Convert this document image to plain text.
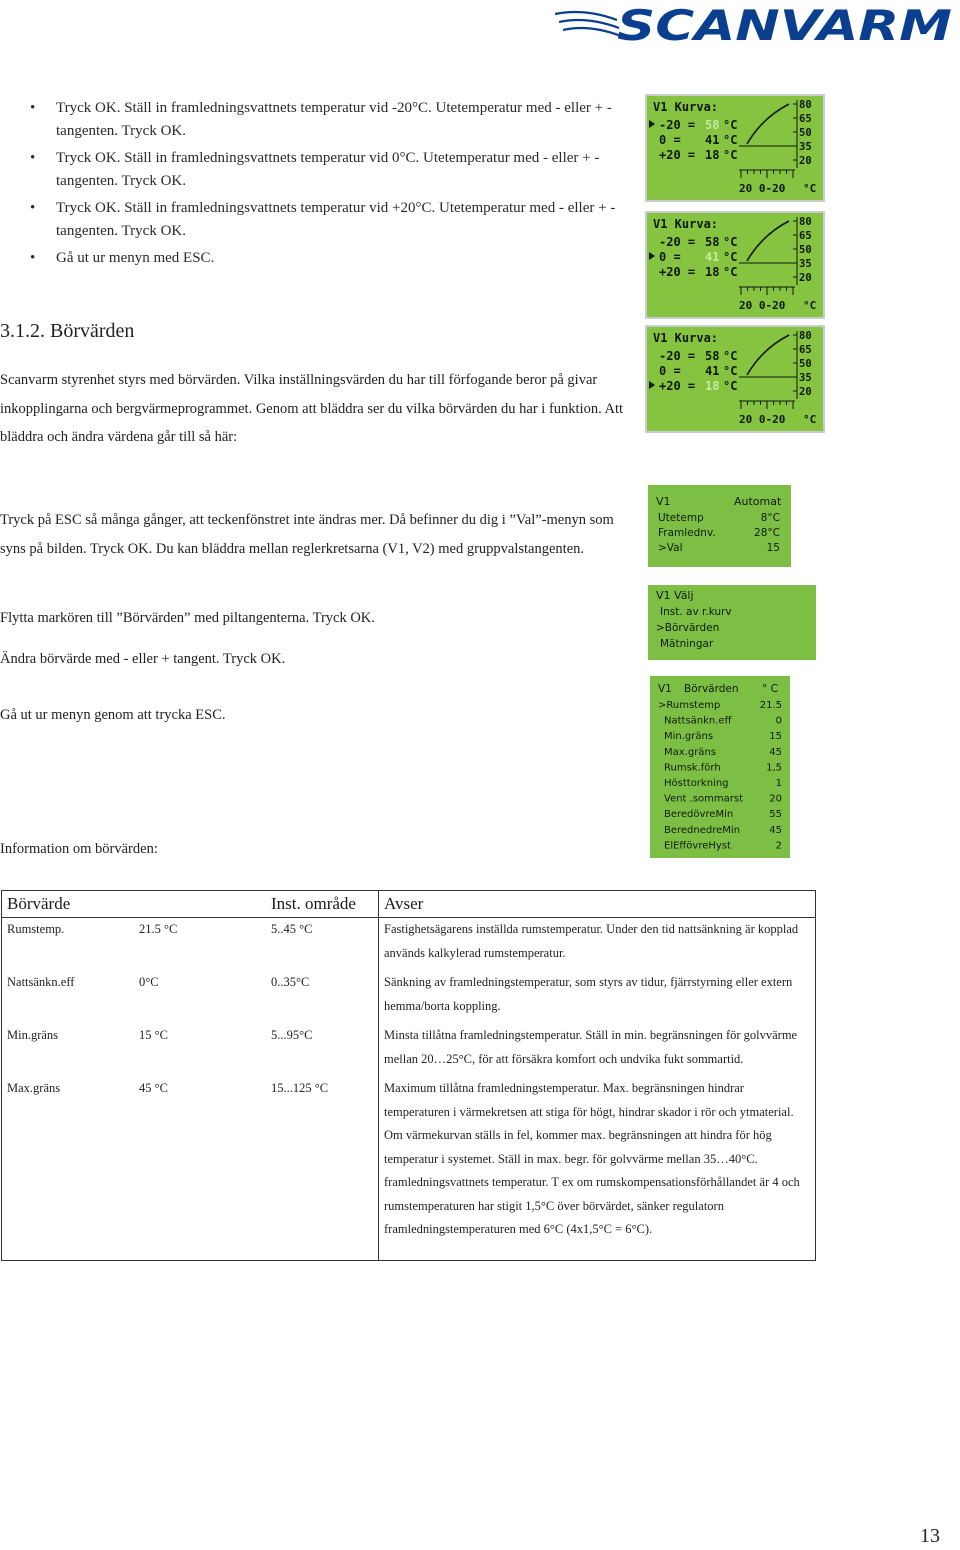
SCANVARM
• Tryck OK. Ställ in framledningsvattnets temperatur vid -20°C. Utetemperatur med - eller + -tangenten. Tryck OK.
• Tryck OK. Ställ in framledningsvattnets temperatur vid 0°C. Utetemperatur med - eller + -tangenten. Tryck OK.
• Tryck OK. Ställ in framledningsvattnets temperatur vid +20°C. Utetemperatur med - eller + -tangenten. Tryck OK.
• Gå ut ur menyn med ESC.
3.1.2. Börvärden

Scanvarm styrenhet styrs med börvärden. Vilka inställningsvärden du har till förfogande beror på givar inkopplingarna och bergvärmeprogrammet. Genom att bläddra ser du vilka börvärden du har i funktion. Att bläddra och ändra värdena går till så här:

Tryck på ESC så många gånger, att teckenfönstret inte ändras mer. Då befinner du dig i ”Val”-menyn som syns på bilden. Tryck OK. Du kan bläddra mellan reglerkretsarna (V1, V2) med gruppvalstangenten.

Flytta markören till ”Börvärden” med piltangenterna. Tryck OK.

Ändra börvärde med - eller + tangent. Tryck OK.

Gå ut ur menyn genom att trycka ESC.

Information om börvärden:

V1 Kurva:
-20 = 58 °C
0 = 41 °C
+20 = 18 °C
80
65
50
35
20
20 0-20 °C
V1 Kurva:
-20 = 58 °C
0 = 41 °C
+20 = 18 °C
80
65
50
35
20
20 0-20 °C
V1 Kurva:
-20 = 58 °C
0 = 41 °C
+20 = 18 °C
80
65
50
35
20
20 0-20 °C
V1	Automat
Utetemp	8°C
Framlednv.	28°C
>Val	15
V1 Välj
Inst. av r.kurv
>Börvärden
Mätningar
V1 Börvärden ° C
>Rumstemp	21.5
Nattsänkn.eff	0
Min.gräns	15
Max.gräns	45
Rumsk.förh	1,5
Hösttorkning	1
Vent .sommarst	20
BeredövreMin	55
BerednedreMin	45
ElEffövreHyst	2
Börvärde		Inst. område	Avser
Rumstemp.	21.5 °C	5..45 °C	Fastighetsägarens inställda rumstemperatur. Under den tid nattsänkning är kopplad används kalkylerad rumstemperatur.
Nattsänkn.eff	0°C	0..35°C	Sänkning av framledningstemperatur, som styrs av tidur, fjärrstyrning eller extern hemma/borta koppling.
Min.gräns	15 °C	5...95°C	Minsta tillåtna framledningstemperatur. Ställ in min. begränsningen för golvvärme mellan 20…25°C, för att försäkra komfort och undvika fukt sommartid.
Max.gräns	45 °C	15...125 °C	Maximum tillåtna framledningstemperatur. Max. begränsningen hindrar temperaturen i värmekretsen att stiga för högt, hindrar skador i rör och ytmaterial. Om värmekurvan ställs in fel, kommer max. begränsningen att hindra för hög temperatur i systemet. Ställ in max. begr. för golvvärme mellan 35…40°C. framledningsvattnets temperatur. T ex om rumskompensationsförhållandet är 4 och rumstemperaturen har stigit 1,5°C över börvärdet, sänker regulatorn framledningstemperaturen med 6°C (4x1,5°C = 6°C).
13
